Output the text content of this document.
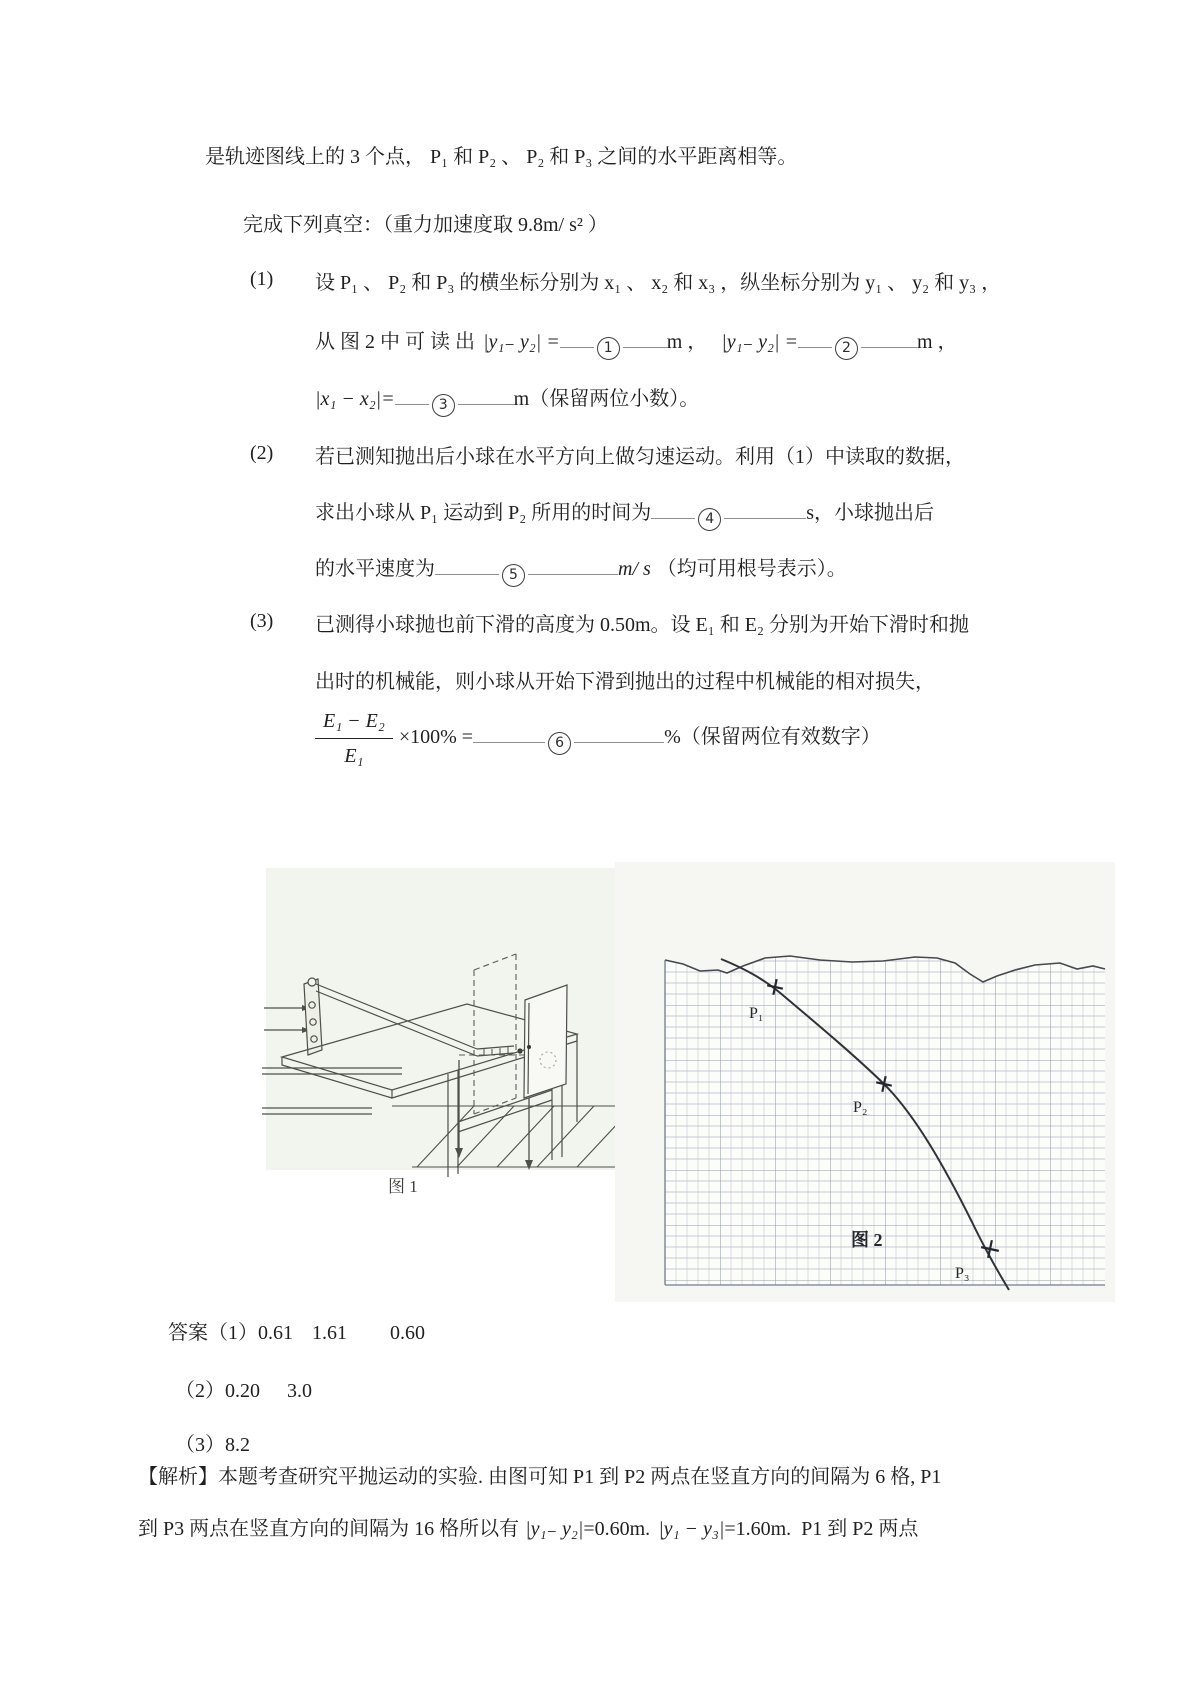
是轨迹图线上的 3 个点， P₁ 和 P₂ 、 P₂ 和 P₃ 之间的水平距离相等。
完成下列真空：（重力加速度取 9.8m/ s² ）
(1) 设 P₁ 、 P₂ 和 P₃ 的横坐标分别为 x₁ 、 x₂ 和 x₃ ，纵坐标分别为 y₁ 、 y₂ 和 y₃ ，
从 图 2 中 可 读 出 |y₁₋ y₂| =	1	m ， |y₁₋ y₂| =	2	m ，
|x₁ − x₂|=	3	m（保留两位小数）。
(2) 若已测知抛出后小球在水平方向上做匀速运动。利用（1）中读取的数据，
求出小球从 P₁ 运动到 P₂ 所用的时间为	4	s，小球抛出后
的水平速度为	5	m/ s （均可用根号表示）。
(3) 已测得小球抛也前下滑的高度为 0.50m。设 E₁ 和 E₂ 分别为开始下滑时和抛
出时的机械能，则小球从开始下滑到抛出的过程中机械能的相对损失，
$\frac{\text{E₁ − E₂}}{\text{E₁}} \times 100\%$ =	6	%（保留两位有效数字）
图 1
P₁
P₂
P₃
图 2
答案（1）0.61 1.61 0.60
（2）0.20 3.0
（3）8.2
【解析】本题考查研究平抛运动的实验. 由图可知 P1 到 P2 两点在竖直方向的间隔为 6 格, P1
到 P3 两点在竖直方向的间隔为 16 格所以有 |y₁₋ y₂|=0.60m. |y₁ − y₃|=1.60m. P1 到 P2 两点
